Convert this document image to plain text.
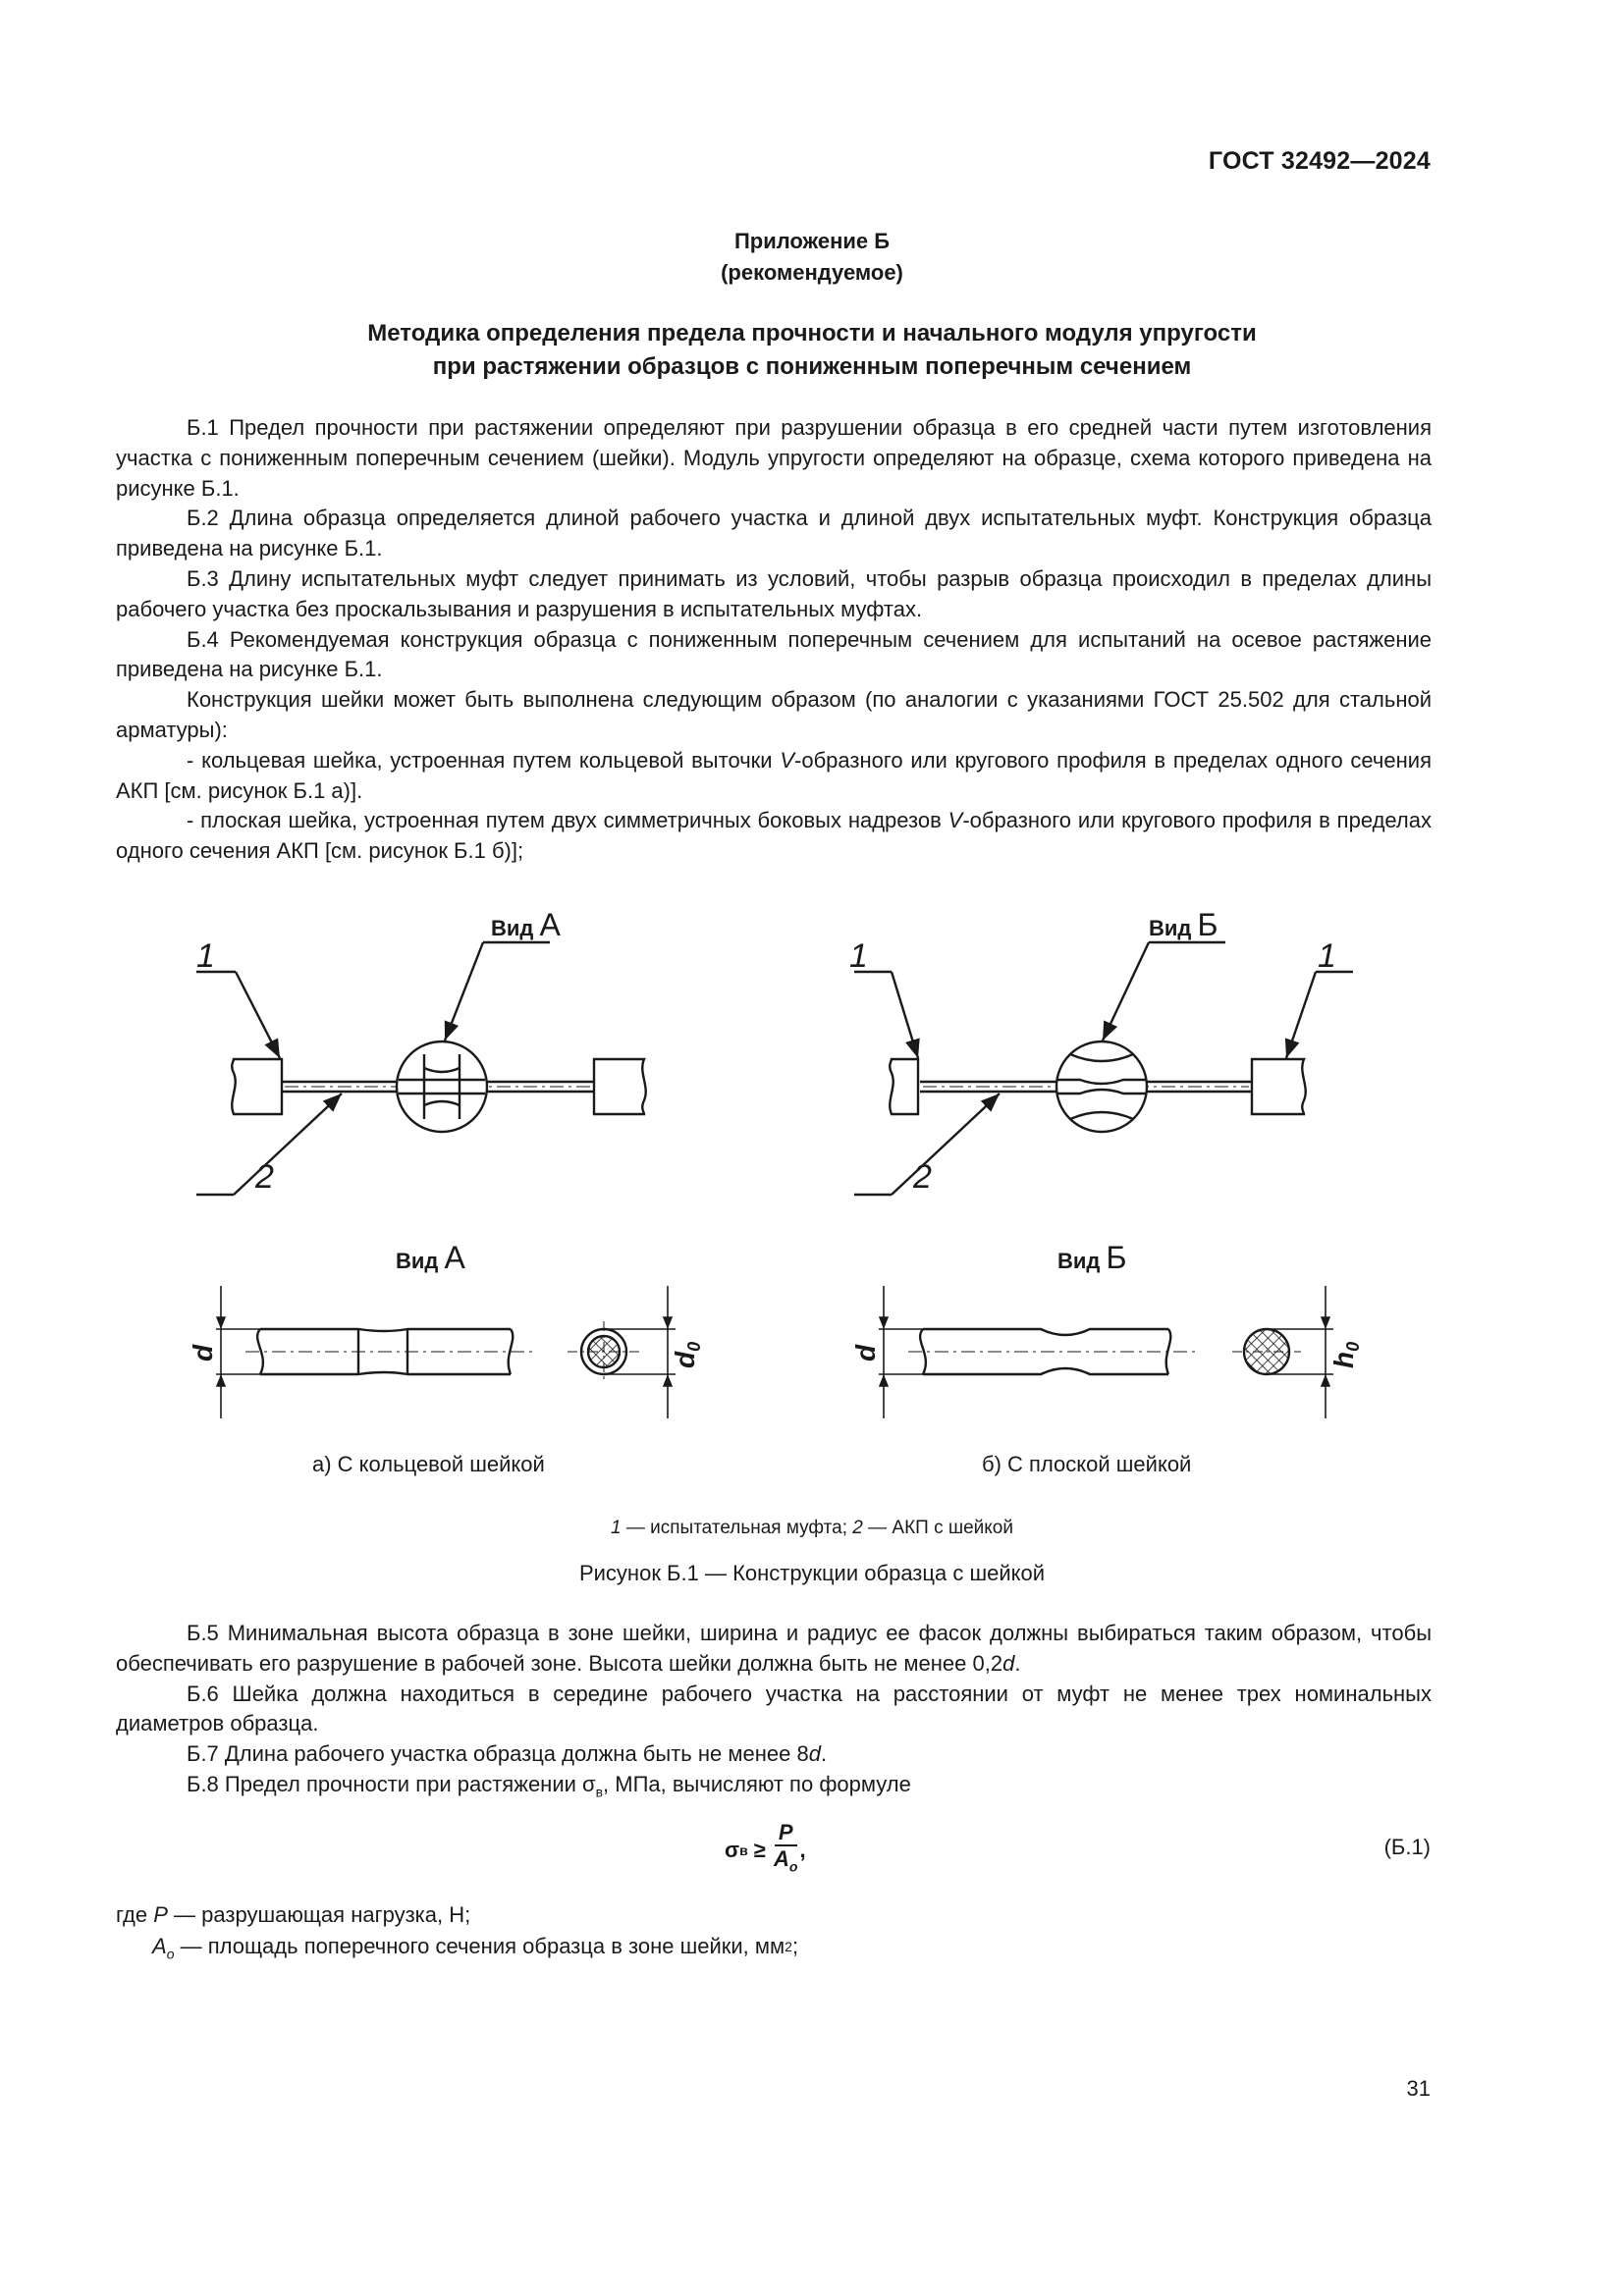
ГОСТ 32492—2024
Приложение Б
(рекомендуемое)
Методика определения предела прочности и начального модуля упругости
при растяжении образцов с пониженным поперечным сечением

Б.1 Предел прочности при растяжении определяют при разрушении образца в его средней части путем изготовления участка с пониженным поперечным сечением (шейки). Модуль упругости определяют на образце, схема которого приведена на рисунке Б.1.

Б.2 Длина образца определяется длиной рабочего участка и длиной двух испытательных муфт. Конструкция образца приведена на рисунке Б.1.

Б.3 Длину испытательных муфт следует принимать из условий, чтобы разрыв образца происходил в пределах длины рабочего участка без проскальзывания и разрушения в испытательных муфтах.

Б.4 Рекомендуемая конструкция образца с пониженным поперечным сечением для испытаний на осевое растяжение приведена на рисунке Б.1.

Конструкция шейки может быть выполнена следующим образом (по аналогии с указаниями ГОСТ 25.502 для стальной арматуры):

- кольцевая шейка, устроенная путем кольцевой выточки V-образного или кругового профиля в пределах одного сечения АКП [см. рисунок Б.1 а)].

- плоская шейка, устроенная путем двух симметричных боковых надрезов V-образного или кругового профиля в пределах одного сечения АКП [см. рисунок Б.1 б)];

Вид А	Вид Б
1	1	1
2	2
Вид А	Вид Б
d	d
$d_0$
$h_0$
а) С кольцевой шейкой	б) С плоской шейкой
1 — испытательная муфта; 2 — АКП с шейкой
Рисунок Б.1 — Конструкции образца с шейкой

Б.5 Минимальная высота образца в зоне шейки, ширина и радиус ее фасок должны выбираться таким образом, чтобы обеспечивать его разрушение в рабочей зоне. Высота шейки должна быть не менее 0,2d.

Б.6 Шейка должна находиться в середине рабочего участка на расстоянии от муфт не менее трех номинальных диаметров образца.

Б.7 Длина рабочего участка образца должна быть не менее 8d.

Б.8 Предел прочности при растяжении $\sigma_в$, МПа, вычисляют по формуле

σ $в \ge \frac{P}{A_o}$ ,	(Б.1)
где P — разрушающая нагрузка, Н;
$A_o$ — площадь поперечного сечения образца в зоне шейки, мм 2 ;
31
